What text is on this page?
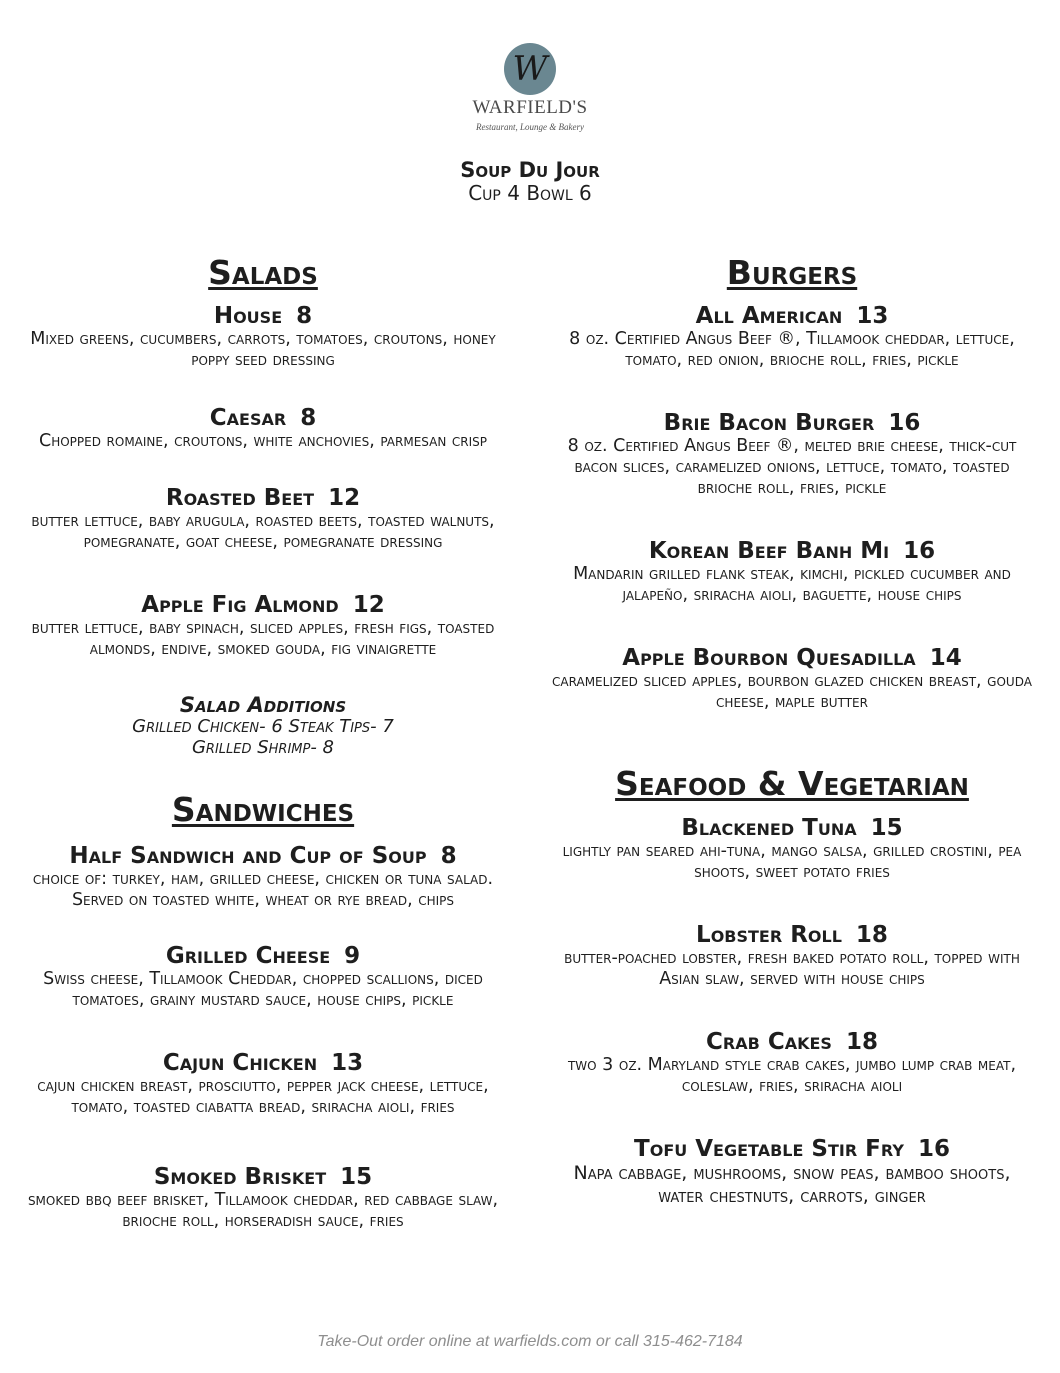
W
WARFIELD'S
Restaurant, Lounge & Bakery
Soup Du Jour
Cup 4 Bowl 6
Salads
House 8
Mixed greens, cucumbers, carrots, tomatoes, croutons, honey poppy seed dressing
Caesar 8
Chopped romaine, croutons, white anchovies, parmesan crisp
Roasted Beet 12
butter lettuce, baby arugula, roasted beets, toasted walnuts, pomegranate, goat cheese, pomegranate dressing
Apple Fig Almond 12
butter lettuce, baby spinach, sliced apples, fresh figs, toasted almonds, endive, smoked gouda, fig vinaigrette
Salad Additions
Grilled Chicken- 6 Steak Tips- 7
Grilled Shrimp- 8
Sandwiches
Half Sandwich and Cup of Soup 8
choice of: turkey, ham, grilled cheese, chicken or tuna salad. Served on toasted white, wheat or rye bread, chips
Grilled Cheese 9
Swiss cheese, Tillamook Cheddar, chopped scallions, diced tomatoes, grainy mustard sauce, house chips, pickle
Cajun Chicken 13
cajun chicken breast, prosciutto, pepper jack cheese, lettuce, tomato, toasted ciabatta bread, sriracha aioli, fries
Smoked Brisket 15
smoked bbq beef brisket, Tillamook cheddar, red cabbage slaw, brioche roll, horseradish sauce, fries
Burgers
All American 13
8 oz. Certified Angus Beef ®, Tillamook cheddar, lettuce, tomato, red onion, brioche roll, fries, pickle
Brie Bacon Burger 16
8 oz. Certified Angus Beef ®, melted brie cheese, thick-cut bacon slices, caramelized onions, lettuce, tomato, toasted brioche roll, fries, pickle
Korean Beef Banh Mi 16
Mandarin grilled flank steak, kimchi, pickled cucumber and jalapeño, sriracha aioli, baguette, house chips
Apple Bourbon Quesadilla 14
caramelized sliced apples, bourbon glazed chicken breast, gouda cheese, maple butter
Seafood & Vegetarian
Blackened Tuna 15
lightly pan seared ahi-tuna, mango salsa, grilled crostini, pea shoots, sweet potato fries
Lobster Roll 18
butter-poached lobster, fresh baked potato roll, topped with Asian slaw, served with house chips
Crab Cakes 18
two 3 oz. Maryland style crab cakes, jumbo lump crab meat, coleslaw, fries, sriracha aioli
Tofu Vegetable Stir Fry 16
Napa cabbage, mushrooms, snow peas, bamboo shoots, water chestnuts, carrots, ginger
Take-Out order online at warfields.com or call 315-462-7184
